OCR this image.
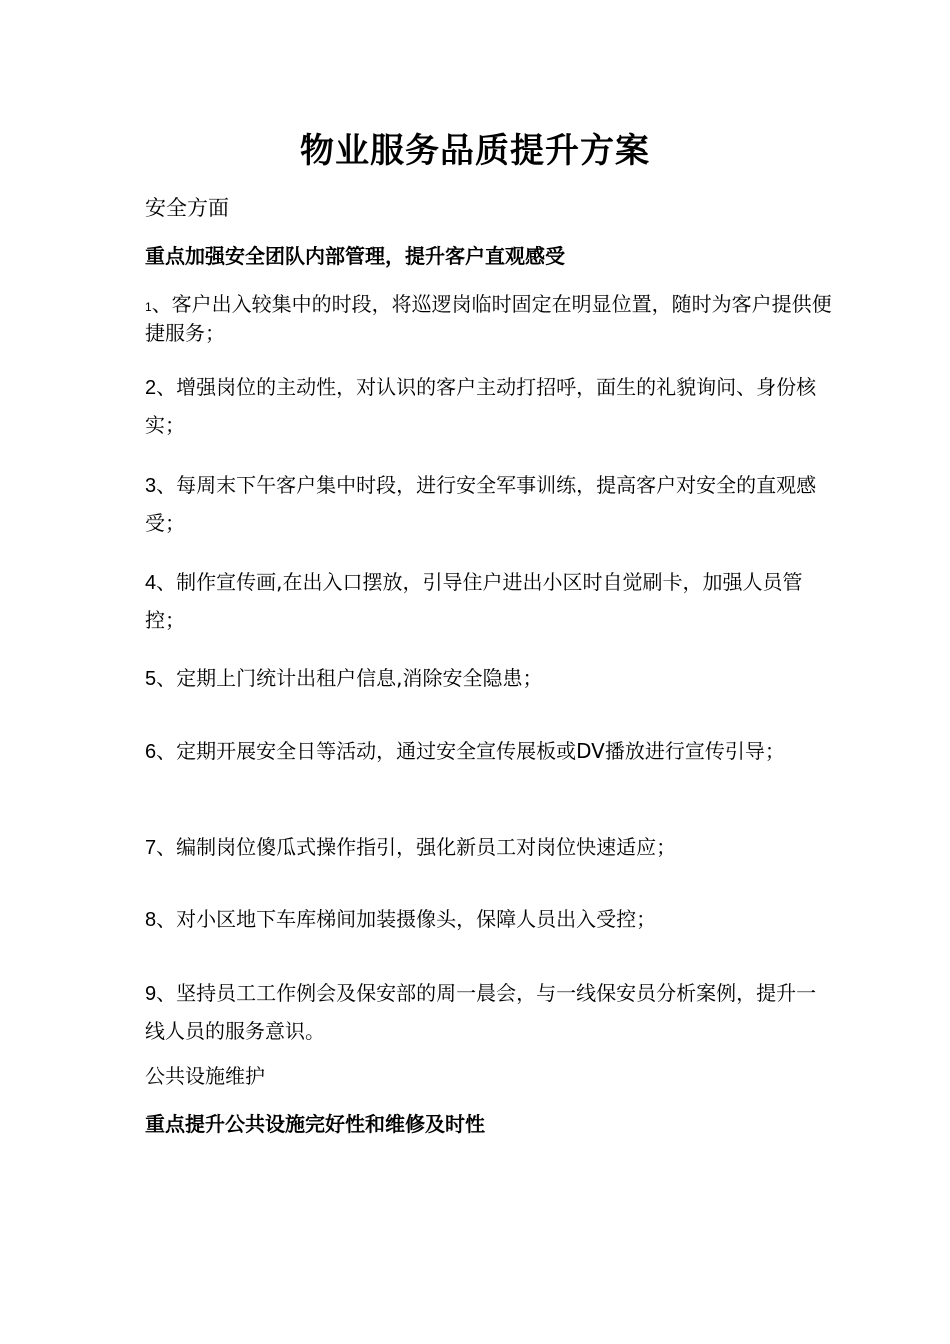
物业服务品质提升方案
安全方面
重点加强安全团队内部管理，提升客户直观感受
1、客户出入较集中的时段，将巡逻岗临时固定在明显位置，随时为客户提供便捷服务；
2、增强岗位的主动性，对认识的客户主动打招呼，面生的礼貌询问、身份核实；
3、每周末下午客户集中时段，进行安全军事训练，提高客户对安全的直观感受；
4、制作宣传画,在出入口摆放，引导住户进出小区时自觉刷卡，加强人员管控；
5、定期上门统计出租户信息,消除安全隐患；
6、定期开展安全日等活动，通过安全宣传展板或DV播放进行宣传引导；
7、编制岗位傻瓜式操作指引，强化新员工对岗位快速适应；
8、对小区地下车库梯间加装摄像头，保障人员出入受控；
9、坚持员工工作例会及保安部的周一晨会，与一线保安员分析案例，提升一线人员的服务意识。
公共设施维护
重点提升公共设施完好性和维修及时性
